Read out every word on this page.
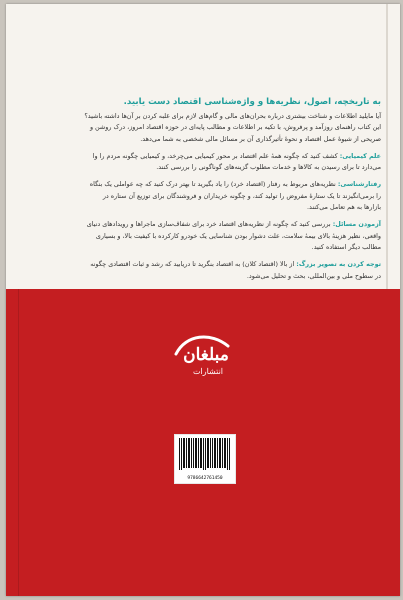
به تاریخچه، اصول، نظریه‌ها و واژه‌شناسی اقتصاد دست یابید.

آیا مایلید اطلاعات و شناخت بیشتری درباره بحران‌های مالی و گام‌های لازم برای غلبه کردن بر آن‌ها داشته باشید؟ این کتاب راهنمای روزآمد و پرفروش، با تکیه بر اطلاعات و مطالب پایه‌ای در حوزه اقتصاد امروز، درک روشن و صریحی از شیوهٔ عمل اقتصاد و نحوهٔ تأثیرگذاری آن بر مسائل مالی شخصی به شما می‌دهد.

علم کیمیایی: کشف کنید که چگونه همهٔ علم اقتصاد بر محور کیمیایی می‌چرخد، و کیمیایی چگونه مردم را وا می‌دارد تا برای رسیدن به کالاها و خدمات مطلوب گزینه‌های گوناگونی را بررسی کنند.

رفتارشناسی: نظریه‌های مربوط به رفتار (اقتصاد خرد) را یاد بگیرید تا بهتر درک کنید که چه عواملی یک بنگاه را برمی‌انگیزند تا یک ستارهٔ مفروض را تولید کند، و چگونه خریداران و فروشندگان برای توزیع آن ستاره در بازارها به هم تعامل می‌کنند.

آزمودن مسائل: بررسی کنید که چگونه از نظریه‌های اقتصاد خرد برای شفاف‌سازی ماجراها و رویدادهای دنیای واقعی، نظیر هزینهٔ بالای بیمهٔ سلامت، علت دشوار بودن شناسایی یک خودرو کارکرده با کیفیت بالا، و بسیاری مطالب دیگر استفاده کنید.

توجه کردن به تصویر بزرگ: از بالا (اقتصاد کلان) به اقتصاد بنگرید تا دریابید که رشد و ثبات اقتصادی چگونه در سطوح ملی و بین‌المللی، بحث و تحلیل می‌شود.

مبلغان
انتشارات
9786642761450
